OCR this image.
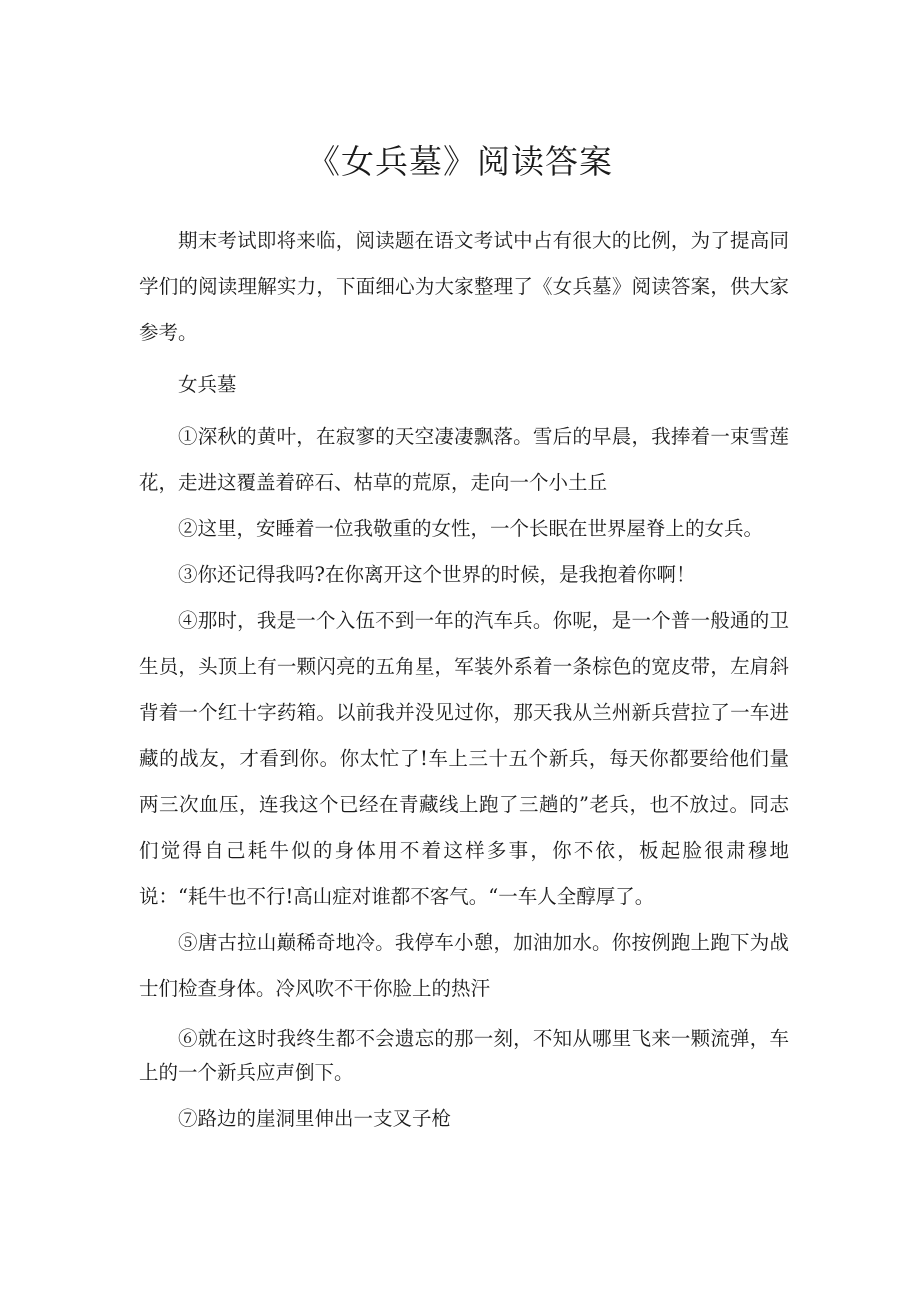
《女兵墓》阅读答案

期末考试即将来临，阅读题在语文考试中占有很大的比例，为了提高同学们的阅读理解实力，下面细心为大家整理了《女兵墓》阅读答案，供大家参考。

女兵墓

①深秋的黄叶，在寂寥的天空凄凄飘落。雪后的早晨，我捧着一束雪莲花，走进这覆盖着碎石、枯草的荒原，走向一个小土丘

②这里，安睡着一位我敬重的女性，一个长眠在世界屋脊上的女兵。

③你还记得我吗?在你离开这个世界的时候，是我抱着你啊！

④那时，我是一个入伍不到一年的汽车兵。你呢，是一个普一般通的卫生员，头顶上有一颗闪亮的五角星，军装外系着一条棕色的宽皮带，左肩斜背着一个红十字药箱。以前我并没见过你，那天我从兰州新兵营拉了一车进藏的战友，才看到你。你太忙了!车上三十五个新兵，每天你都要给他们量两三次血压，连我这个已经在青藏线上跑了三趟的”老兵，也不放过。同志们觉得自己耗牛似的身体用不着这样多事，你不依，板起脸很肃穆地说：“耗牛也不行!高山症对谁都不客气。“一车人全醇厚了。

⑤唐古拉山巅稀奇地冷。我停车小憩，加油加水。你按例跑上跑下为战士们检查身体。冷风吹不干你脸上的热汗

⑥就在这时我终生都不会遗忘的那一刻，不知从哪里飞来一颗流弹，车上的一个新兵应声倒下。

⑦路边的崖洞里伸出一支叉子枪
